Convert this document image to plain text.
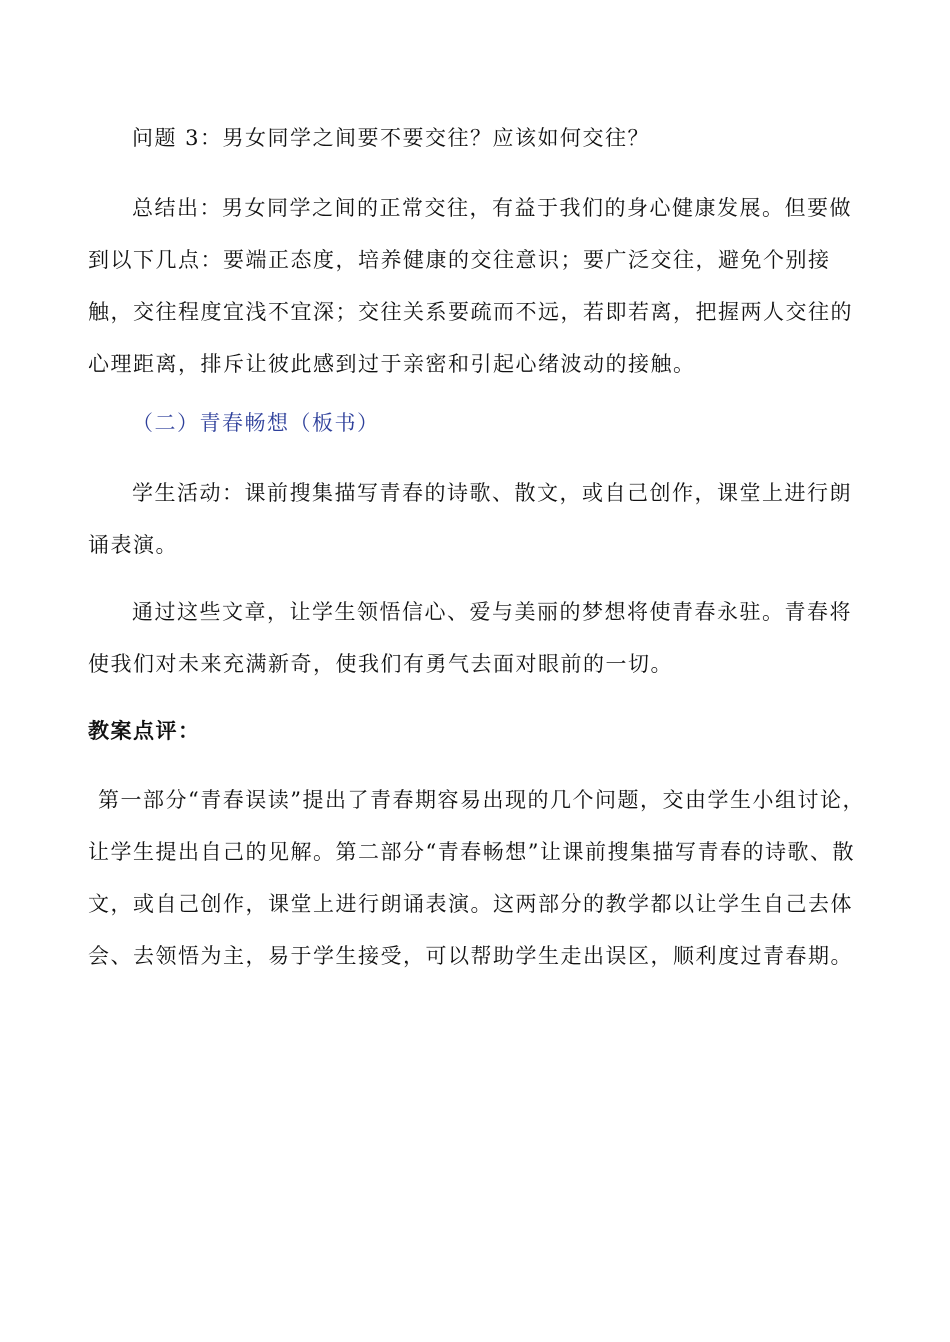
问题 3：男女同学之间要不要交往？应该如何交往？

总结出：男女同学之间的正常交往，有益于我们的身心健康发展。但要做到以下几点：要端正态度，培养健康的交往意识；要广泛交往，避免个别接触，交往程度宜浅不宜深；交往关系要疏而不远，若即若离，把握两人交往的心理距离，排斥让彼此感到过于亲密和引起心绪波动的接触。

（二）青春畅想（板书）

学生活动：课前搜集描写青春的诗歌、散文，或自己创作，课堂上进行朗诵表演。

通过这些文章，让学生领悟信心、爱与美丽的梦想将使青春永驻。青春将使我们对未来充满新奇，使我们有勇气去面对眼前的一切。

教案点评：

第一部分“青春误读”提出了青春期容易出现的几个问题，交由学生小组讨论，让学生提出自己的见解。第二部分“青春畅想”让课前搜集描写青春的诗歌、散文，或自己创作，课堂上进行朗诵表演。这两部分的教学都以让学生自己去体会、去领悟为主，易于学生接受，可以帮助学生走出误区，顺利度过青春期。
